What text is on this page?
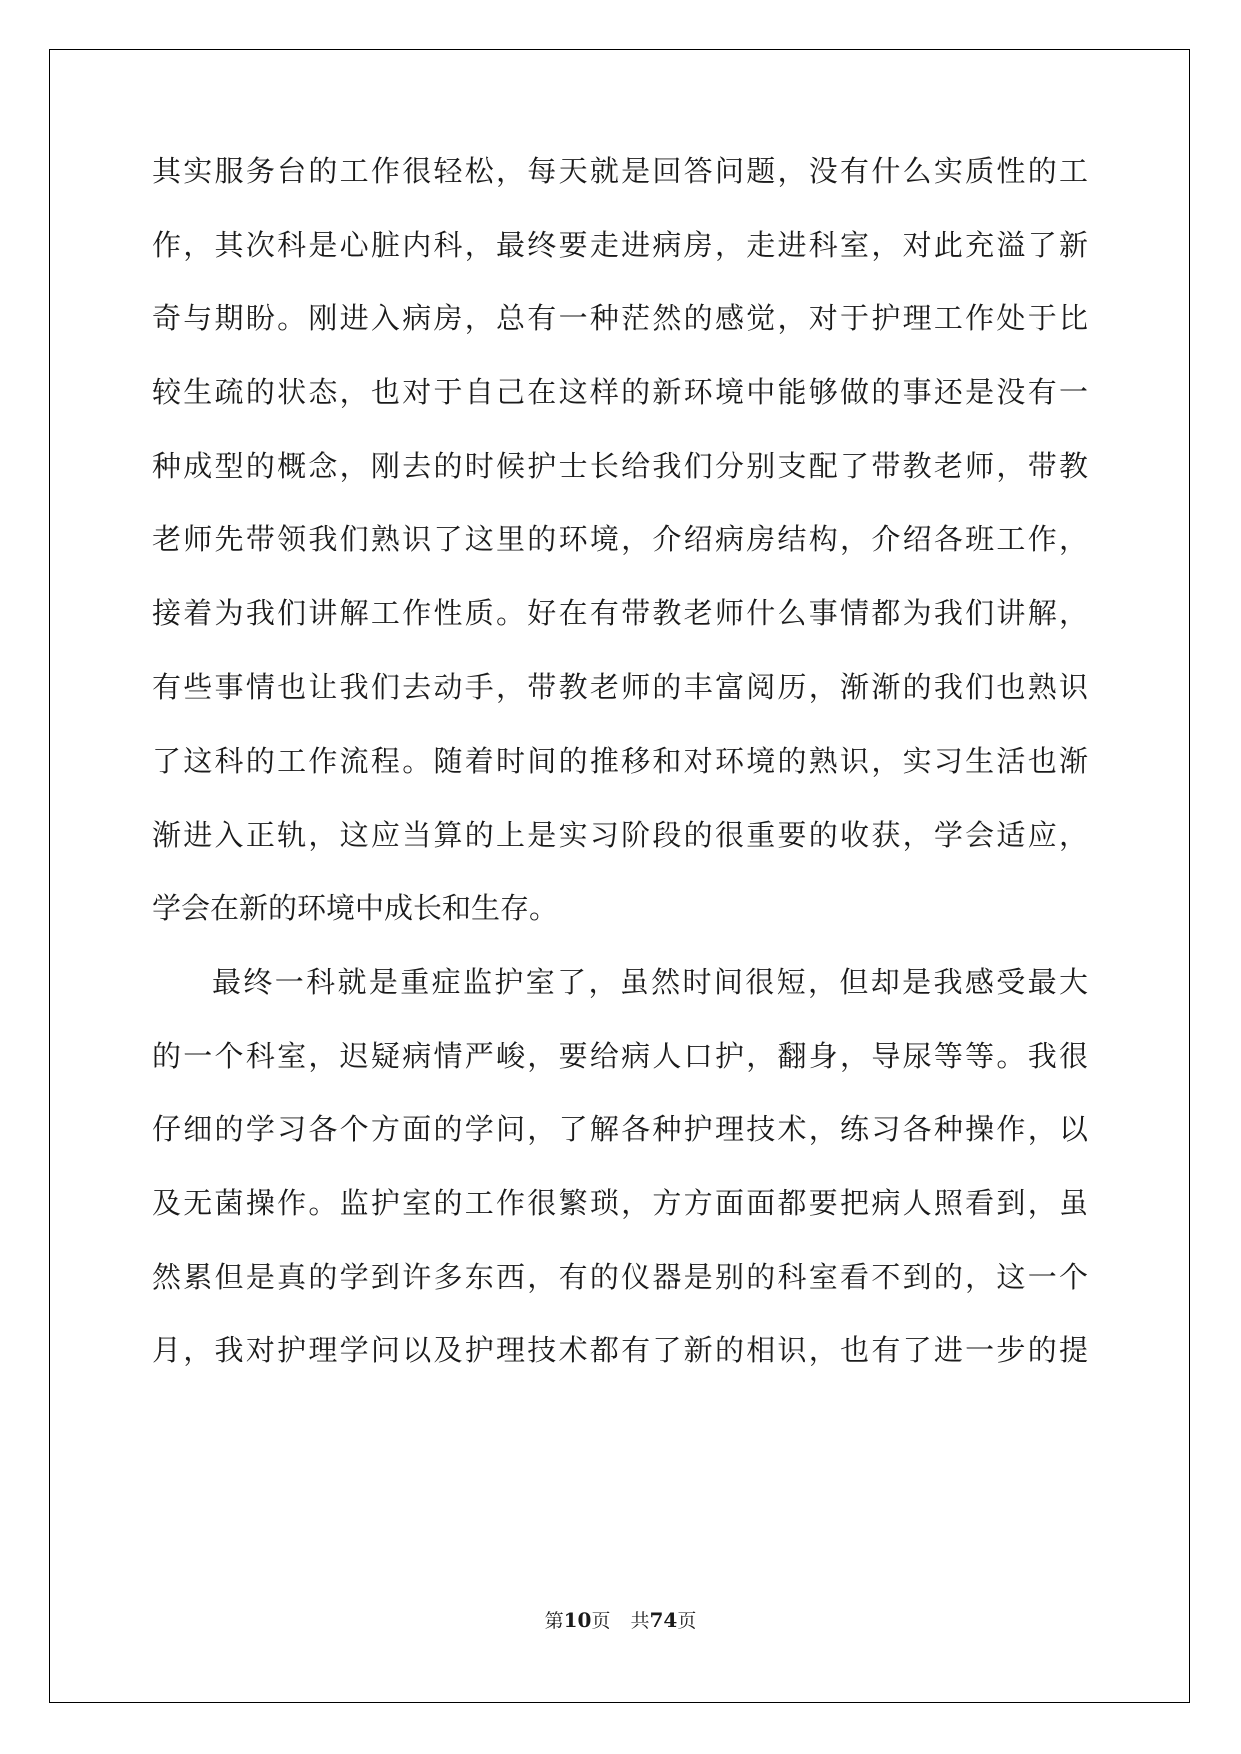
其实服务台的工作很轻松，每天就是回答问题，没有什么实质性的工
作，其次科是心脏内科，最终要走进病房，走进科室，对此充溢了新
奇与期盼。刚进入病房，总有一种茫然的感觉，对于护理工作处于比
较生疏的状态，也对于自己在这样的新环境中能够做的事还是没有一
种成型的概念，刚去的时候护士长给我们分别支配了带教老师，带教
老师先带领我们熟识了这里的环境，介绍病房结构，介绍各班工作，
接着为我们讲解工作性质。好在有带教老师什么事情都为我们讲解，
有些事情也让我们去动手，带教老师的丰富阅历，渐渐的我们也熟识
了这科的工作流程。随着时间的推移和对环境的熟识，实习生活也渐
渐进入正轨，这应当算的上是实习阶段的很重要的收获，学会适应，
学会在新的环境中成长和生存。
最终一科就是重症监护室了，虽然时间很短，但却是我感受最大
的一个科室，迟疑病情严峻，要给病人口护，翻身，导尿等等。我很
仔细的学习各个方面的学问，了解各种护理技术，练习各种操作，以
及无菌操作。监护室的工作很繁琐，方方面面都要把病人照看到，虽
然累但是真的学到许多东西，有的仪器是别的科室看不到的，这一个
月，我对护理学问以及护理技术都有了新的相识，也有了进一步的提
第10页 共74页
